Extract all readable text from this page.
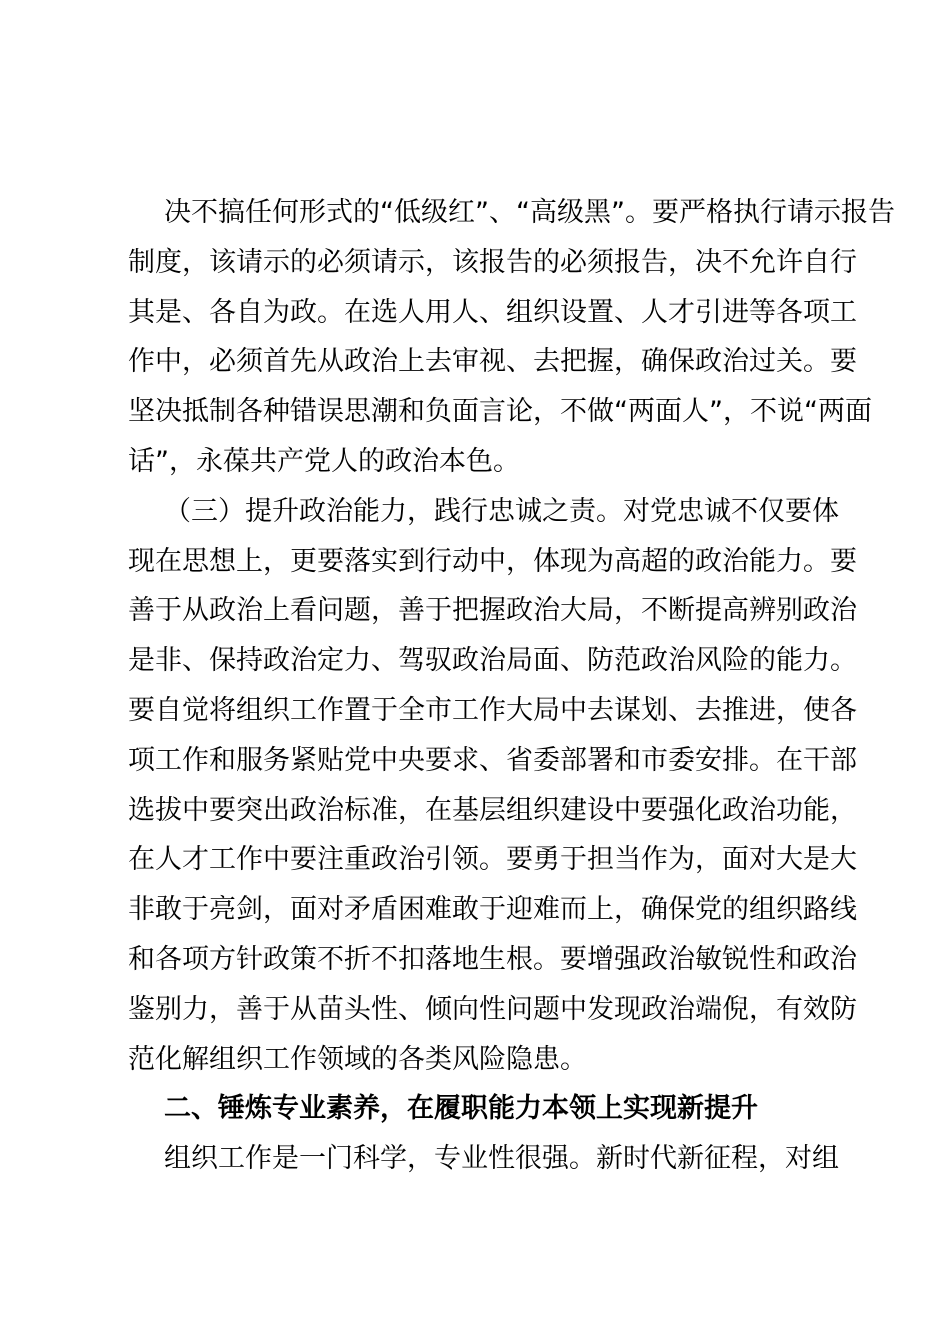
决不搞任何形式的“低级红”、“高级黑”。要严格执行请示报告
制度，该请示的必须请示，该报告的必须报告，决不允许自行
其是、各自为政。在选人用人、组织设置、人才引进等各项工
作中，必须首先从政治上去审视、去把握，确保政治过关。要
坚决抵制各种错误思潮和负面言论，不做“两面人”，不说“两面
话”，永葆共产党人的政治本色。
（三）提升政治能力，践行忠诚之责。对党忠诚不仅要体
现在思想上，更要落实到行动中，体现为高超的政治能力。要
善于从政治上看问题，善于把握政治大局，不断提高辨别政治
是非、保持政治定力、驾驭政治局面、防范政治风险的能力。
要自觉将组织工作置于全市工作大局中去谋划、去推进，使各
项工作和服务紧贴党中央要求、省委部署和市委安排。在干部
选拔中要突出政治标准，在基层组织建设中要强化政治功能，
在人才工作中要注重政治引领。要勇于担当作为，面对大是大
非敢于亮剑，面对矛盾困难敢于迎难而上，确保党的组织路线
和各项方针政策不折不扣落地生根。要增强政治敏锐性和政治
鉴别力，善于从苗头性、倾向性问题中发现政治端倪，有效防
范化解组织工作领域的各类风险隐患。
二、锤炼专业素养，在履职能力本领上实现新提升
组织工作是一门科学，专业性很强。新时代新征程，对组
